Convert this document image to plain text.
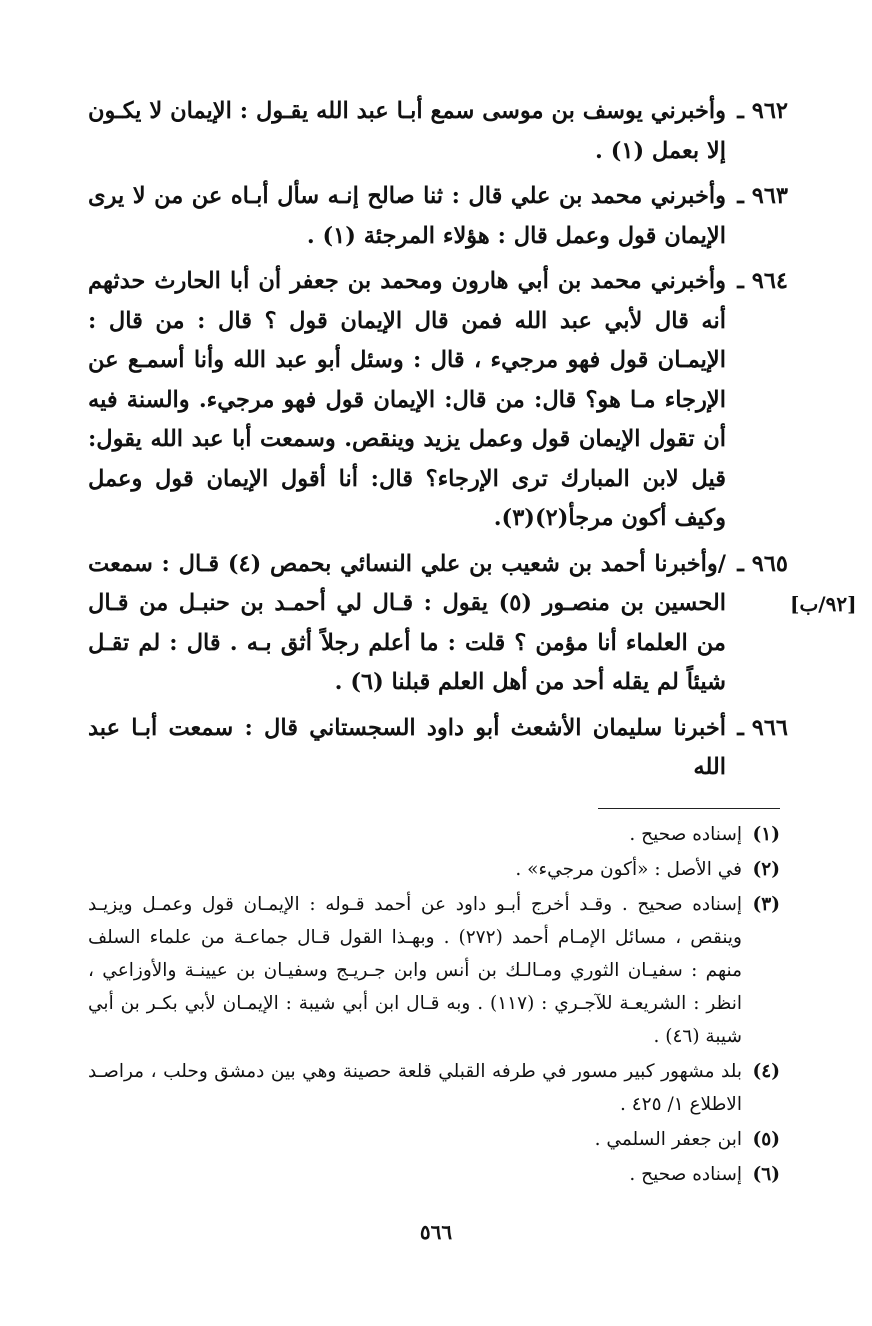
[٩٢/ب]
٩٦٢ ـ
وأخبرني يوسف بن موسى سمع أبـا عبد الله يقـول : الإيمان لا يكـون إلا بعمل (١) .
٩٦٣ ـ
وأخبرني محمد بن علي قال : ثنا صالح إنـه سأل أبـاه عن من لا يرى الإيمان قول وعمل قال : هؤلاء المرجئة (١) .
٩٦٤ ـ
وأخبرني محمد بن أبي هارون ومحمد بن جعفر أن أبا الحارث حدثهم أنه قال لأبي عبد الله فمن قال الإيمان قول ؟ قال : من قال : الإيمـان قول فهو مرجيء ، قال : وسئل أبو عبد الله وأنا أسمـع عن الإرجاء مـا هو؟ قال: من قال: الإيمان قول فهو مرجيء. والسنة فيه أن تقول الإيمان قول وعمل يزيد وينقص. وسمعت أبا عبد الله يقول: قيل لابن المبارك ترى الإرجاء؟ قال: أنا أقول الإيمان قول وعمل وكيف أكون مرجأ(٢)(٣).
٩٦٥ ـ
/وأخبرنا أحمد بن شعيب بن علي النسائي بحمص (٤) قـال : سمعت الحسين بن منصـور (٥) يقول : قـال لي أحمـد بن حنبـل من قـال من العلماء أنا مؤمن ؟ قلت : ما أعلم رجلاً أثق بـه . قال : لم تقـل شيئاً لم يقله أحد من أهل العلم قبلنا (٦) .
٩٦٦ ـ
أخبرنا سليمان الأشعث أبو داود السجستاني قال : سمعت أبـا عبد الله
(١)
إسناده صحيح .
(٢)
في الأصل : «أكون مرجيء» .
(٣)
إسناده صحيح . وقـد أخرج أبـو داود عن أحمد قـوله : الإيمـان قول وعمـل ويزيـد وينقص ، مسائل الإمـام أحمد (٢٧٢) . وبهـذا القول قـال جماعـة من علماء السلف منهم : سفيـان الثوري ومـالـك بن أنس وابن جـريـج وسفيـان بن عيينـة والأوزاعي ، انظر : الشريعـة للآجـري : (١١٧) . وبه قـال ابن أبي شيبة : الإيمـان لأبي بكـر بن أبي شيبة (٤٦) .
(٤)
بلد مشهور كبير مسور في طرفه القبلي قلعة حصينة وهي بين دمشق وحلب ، مراصـد الاطلاع ١/ ٤٢٥ .
(٥)
ابن جعفر السلمي .
(٦)
إسناده صحيح .
٥٦٦
